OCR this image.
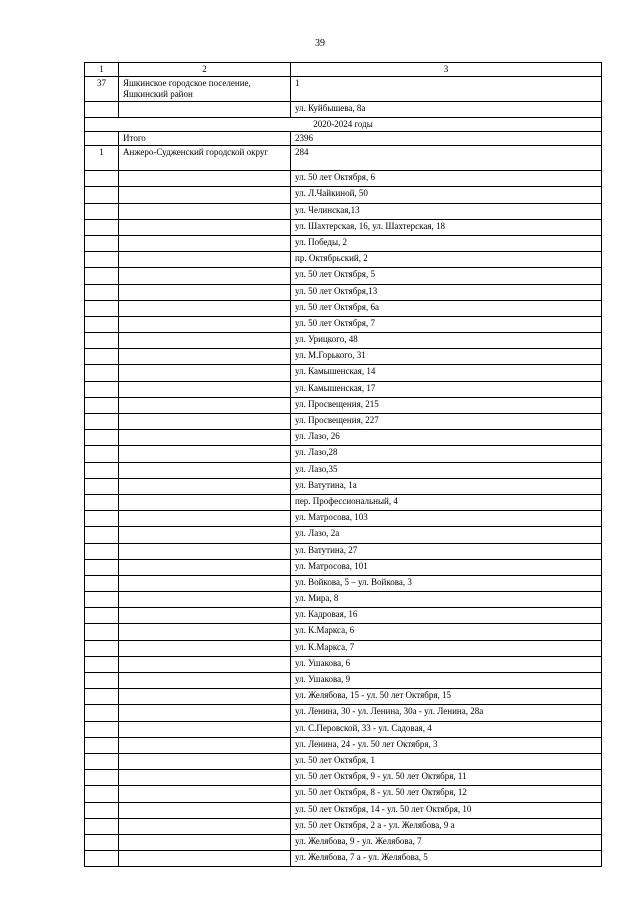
39
1	2	3
37	Яшкинское городское поселение, Яшкинский район	1
		ул. Куйбышева, 8а
2020-2024 годы		
	Итого	2396
1	Анжеро-Судженский городской округ	284
		ул. 50 лет Октября, 6
		ул. Л.Чайкиной, 50
		ул. Челинская,13
		ул. Шахтерская, 16, ул. Шахтерская, 18
		ул. Победы, 2
		пр. Октябрьский, 2
		ул. 50 лет Октября, 5
		ул. 50 лет Октября,13
		ул. 50 лет Октября, 6а
		ул. 50 лет Октября, 7
		ул. Урицкого, 48
		ул. М.Горького, 31
		ул. Камышенская, 14
		ул. Камышенская, 17
		ул. Просвещения, 215
		ул. Просвещения, 227
		ул. Лазо, 26
		ул. Лазо,28
		ул. Лазо,35
		ул. Ватутина, 1а
		пер. Профессиональный, 4
		ул. Матросова, 103
		ул. Лазо, 2а
		ул. Ватутина, 27
		ул. Матросова, 101
		ул. Войкова, 5 – ул. Войкова, 3
		ул. Мира, 8
		ул. Кадровая, 16
		ул. К.Маркса, 6
		ул. К.Маркса, 7
		ул. Ушакова, 6
		ул. Ушакова, 9
		ул. Желябова, 15 - ул. 50 лет Октября, 15
		ул. Ленина, 30 - ул. Ленина, 30а - ул. Ленина, 28а
		ул. С.Перовской, 33 - ул. Садовая, 4
		ул. Ленина, 24 - ул. 50 лет Октября, 3
		ул. 50 лет Октября, 1
		ул. 50 лет Октября, 9 - ул. 50 лет Октября, 11
		ул. 50 лет Октября, 8 - ул. 50 лет Октября, 12
		ул. 50 лет Октября, 14 - ул. 50 лет Октября, 10
		ул. 50 лет Октября, 2 а - ул. Желябова, 9 а
		ул. Желябова, 9 - ул. Желябова, 7
		ул. Желябова, 7 а - ул. Желябова, 5
